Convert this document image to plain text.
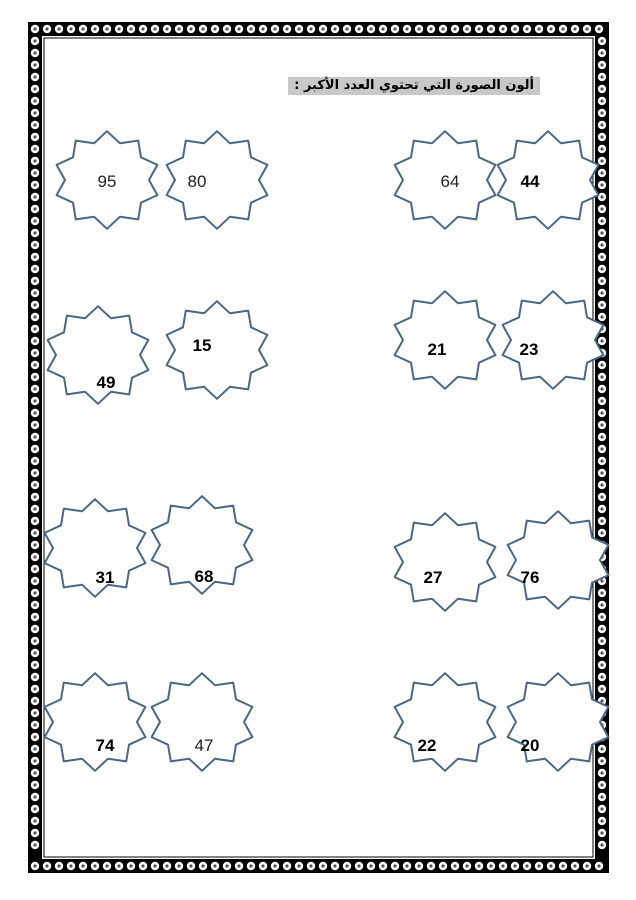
ألون الصورة التي تحتوي العدد الأكبر :
95	80	64	44
49
15	21	23
31	68	27	76
74	47	22	20
